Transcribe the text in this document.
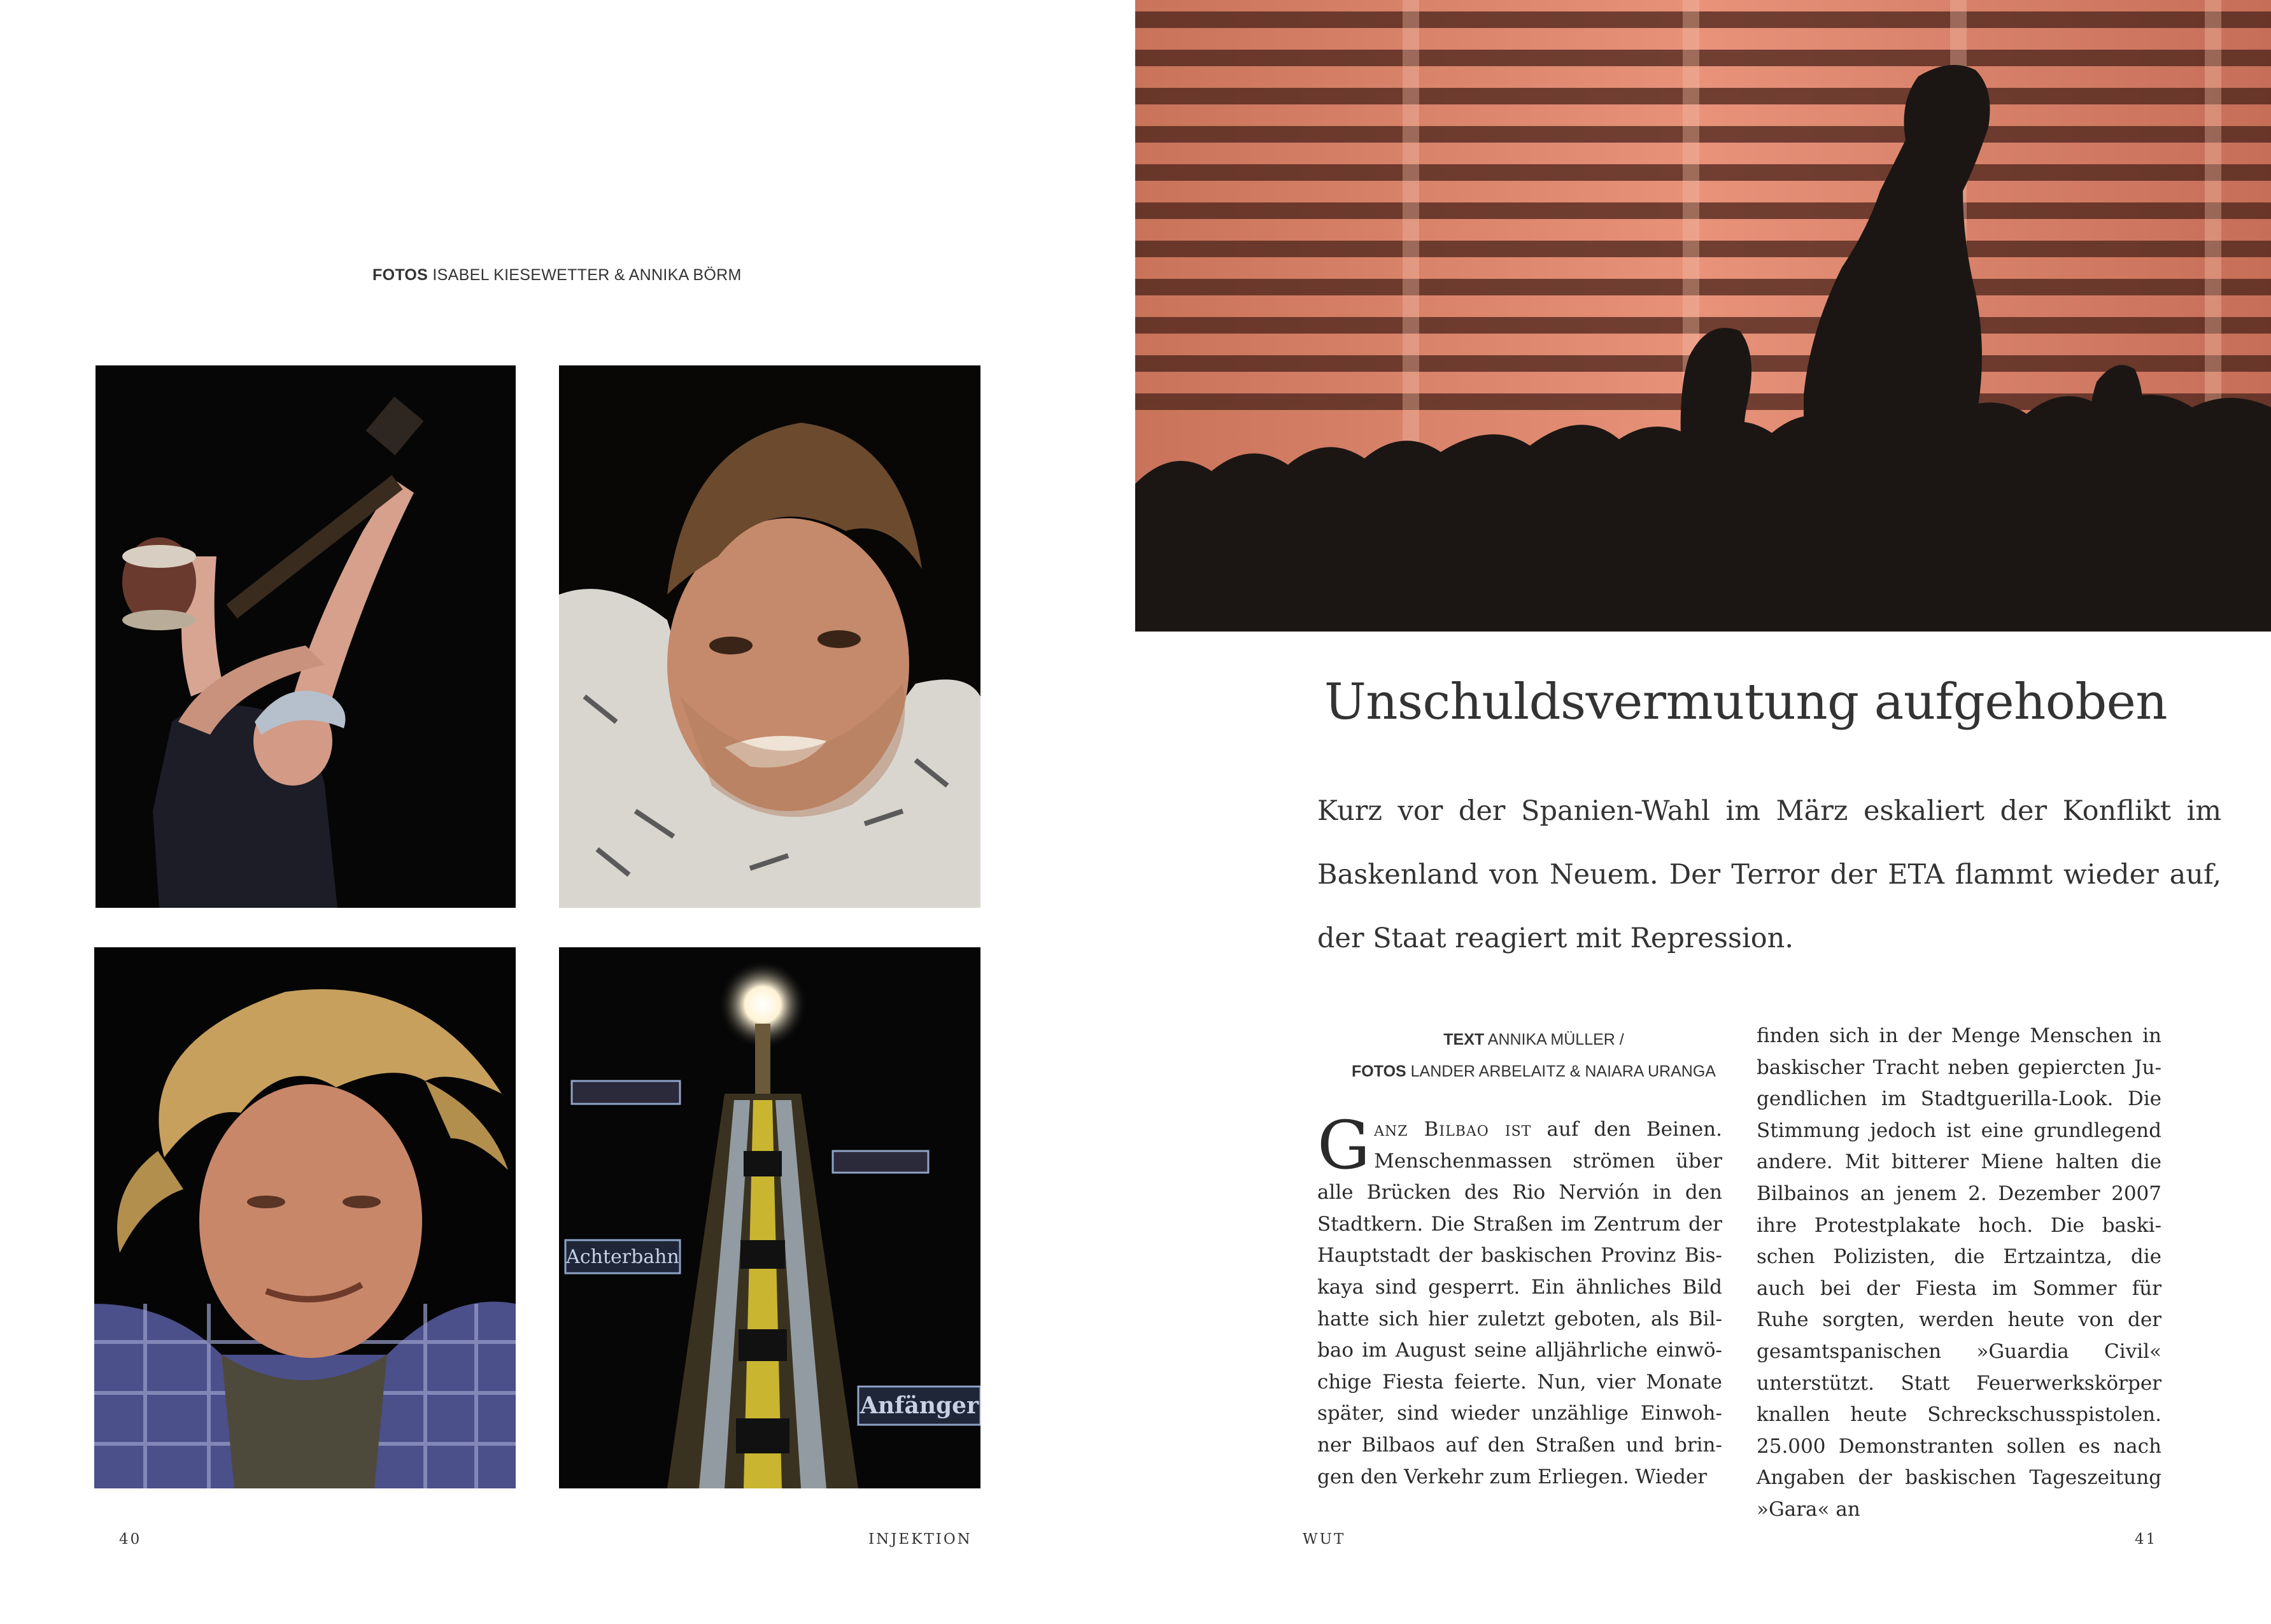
FOTOS ISABEL KIESEWETTER & ANNIKA BÖRM
Achterbahn
Anfänger
40	INJEKTION
Unschuldsvermutung aufgehoben

Kurz vor der Spanien-Wahl im März eskaliert der Konflikt im Baskenland von Neuem. Der Terror der ETA flammt wieder auf, der Staat reagiert mit Repression.

TEXT ANNIKA MÜLLER /
FOTOS LANDER ARBELAITZ & NAIARA URANGA
Ganz Bilbao ist auf den Beinen. Menschenmassen strömen über alle Brücken des Rio Nervión in den Stadtkern. Die Straßen im Zentrum der Hauptstadt der baskischen Provinz Biskaya sind gesperrt. Ein ähnliches Bild hatte sich hier zuletzt geboten, als Bilbao im August seine alljährliche einwöchige Fiesta feierte. Nun, vier Monate später, sind wieder unzählige Einwohner Bilbaos auf den Straßen und bringen den Verkehr zum Erliegen. Wieder
finden sich in der Menge Menschen in baskischer Tracht neben gepiercten Jugendlichen im Stadtguerilla-Look. Die Stimmung jedoch ist eine grundlegend andere. Mit bitterer Miene halten die Bilbainos an jenem 2. Dezember 2007 ihre Protestplakate hoch. Die baskischen Polizisten, die Ertzaintza, die auch bei der Fiesta im Sommer für Ruhe sorgten, werden heute von der gesamtspanischen »Guardia Civil« unterstützt. Statt Feuerwerkskörper knallen heute Schreckschusspistolen. 25.000 Demonstranten sollen es nach Angaben der baskischen Tageszeitung »Gara« an
WUT	41
